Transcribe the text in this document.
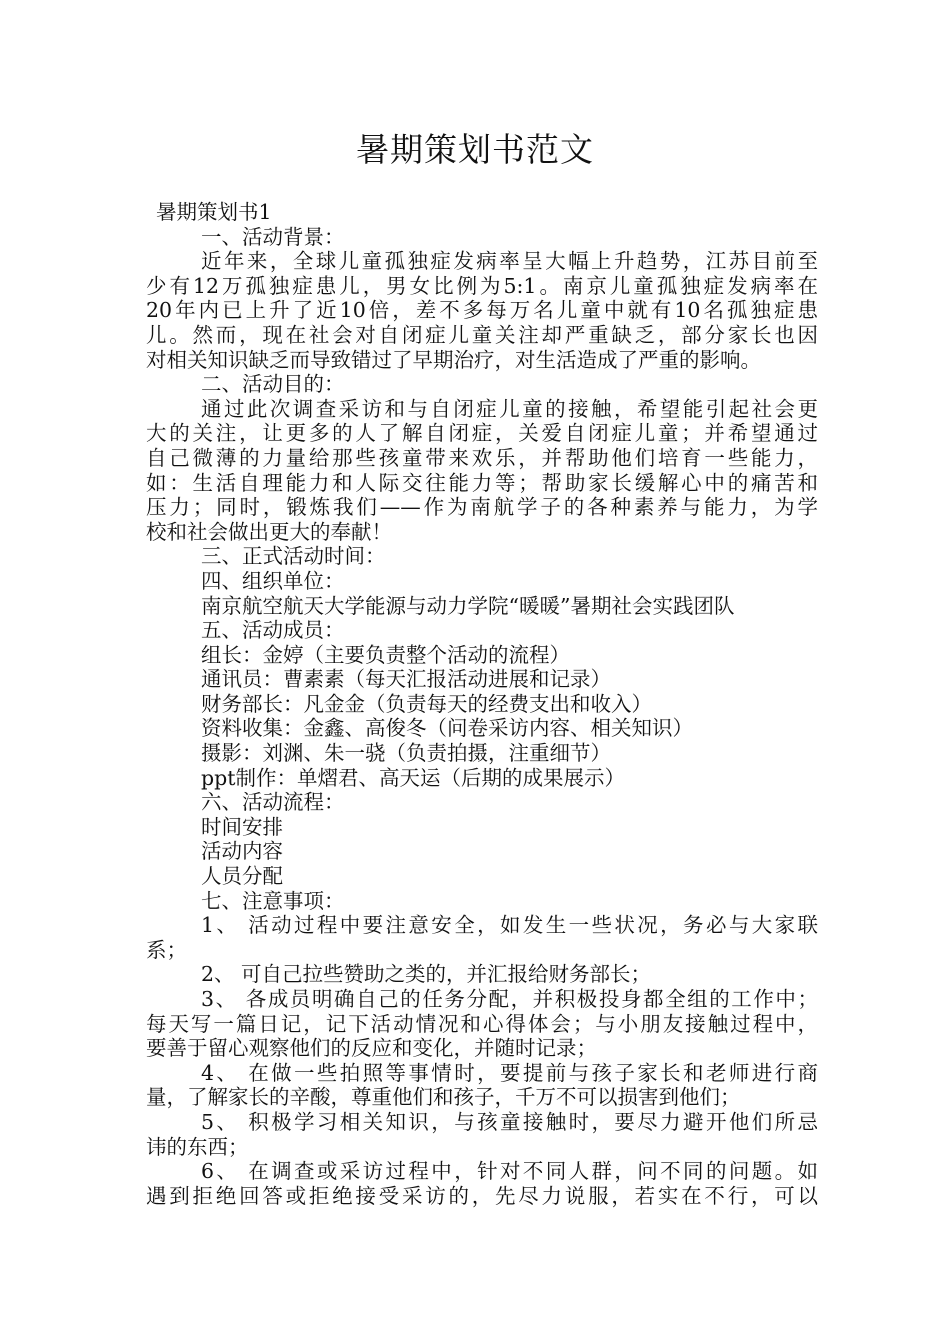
暑期策划书范文
暑期策划书1
一、活动背景：
近年来，全球儿童孤独症发病率呈大幅上升趋势，江苏目前至
少有12万孤独症患儿，男女比例为5:1。南京儿童孤独症发病率在
20年内已上升了近10倍，差不多每万名儿童中就有10名孤独症患
儿。然而，现在社会对自闭症儿童关注却严重缺乏，部分家长也因
对相关知识缺乏而导致错过了早期治疗，对生活造成了严重的影响。
二、活动目的：
通过此次调查采访和与自闭症儿童的接触，希望能引起社会更
大的关注，让更多的人了解自闭症，关爱自闭症儿童；并希望通过
自己微薄的力量给那些孩童带来欢乐，并帮助他们培育一些能力，
如：生活自理能力和人际交往能力等；帮助家长缓解心中的痛苦和
压力；同时，锻炼我们——作为南航学子的各种素养与能力，为学
校和社会做出更大的奉献！
三、正式活动时间：
四、组织单位：
南京航空航天大学能源与动力学院“暖暖”暑期社会实践团队
五、活动成员：
组长：金婷（主要负责整个活动的流程）
通讯员：曹素素（每天汇报活动进展和记录）
财务部长：凡金金（负责每天的经费支出和收入）
资料收集：金鑫、高俊冬（问卷采访内容、相关知识）
摄影：刘渊、朱一骁（负责拍摄，注重细节）
ppt制作：单熠君、高天运（后期的成果展示）
六、活动流程：
时间安排
活动内容
人员分配
七、注意事项：
1、 活动过程中要注意安全，如发生一些状况，务必与大家联
系；
2、 可自己拉些赞助之类的，并汇报给财务部长；
3、 各成员明确自己的任务分配，并积极投身都全组的工作中；
每天写一篇日记，记下活动情况和心得体会；与小朋友接触过程中，
要善于留心观察他们的反应和变化，并随时记录；
4、 在做一些拍照等事情时，要提前与孩子家长和老师进行商
量，了解家长的辛酸，尊重他们和孩子，千万不可以损害到他们；
5、 积极学习相关知识，与孩童接触时，要尽力避开他们所忌
讳的东西；
6、 在调查或采访过程中，针对不同人群，问不同的问题。如
遇到拒绝回答或拒绝接受采访的，先尽力说服，若实在不行，可以
